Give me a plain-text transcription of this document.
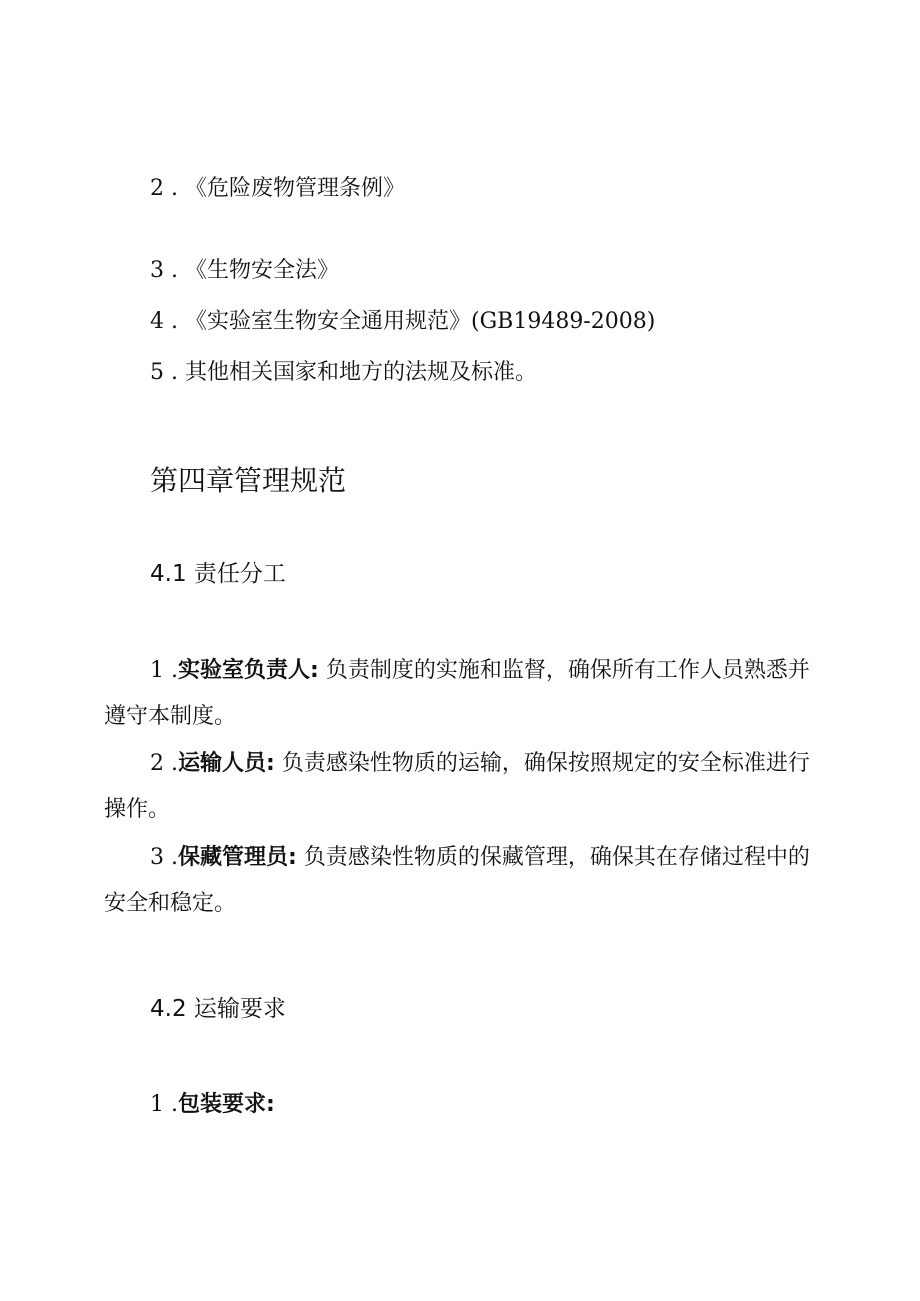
2 . 《危险废物管理条例》
3 . 《生物安全法》
4 . 《实验室生物安全通用规范》(GB19489-2008)
5 . 其他相关国家和地方的法规及标准。
第四章管理规范
4.1 责任分工
1 .实验室负责人: 负责制度的实施和监督，确保所有工作人员熟悉并遵守本制度。
2 .运输人员: 负责感染性物质的运输，确保按照规定的安全标准进行操作。
3 .保藏管理员: 负责感染性物质的保藏管理，确保其在存储过程中的安全和稳定。
4.2 运输要求
1 .包装要求:
